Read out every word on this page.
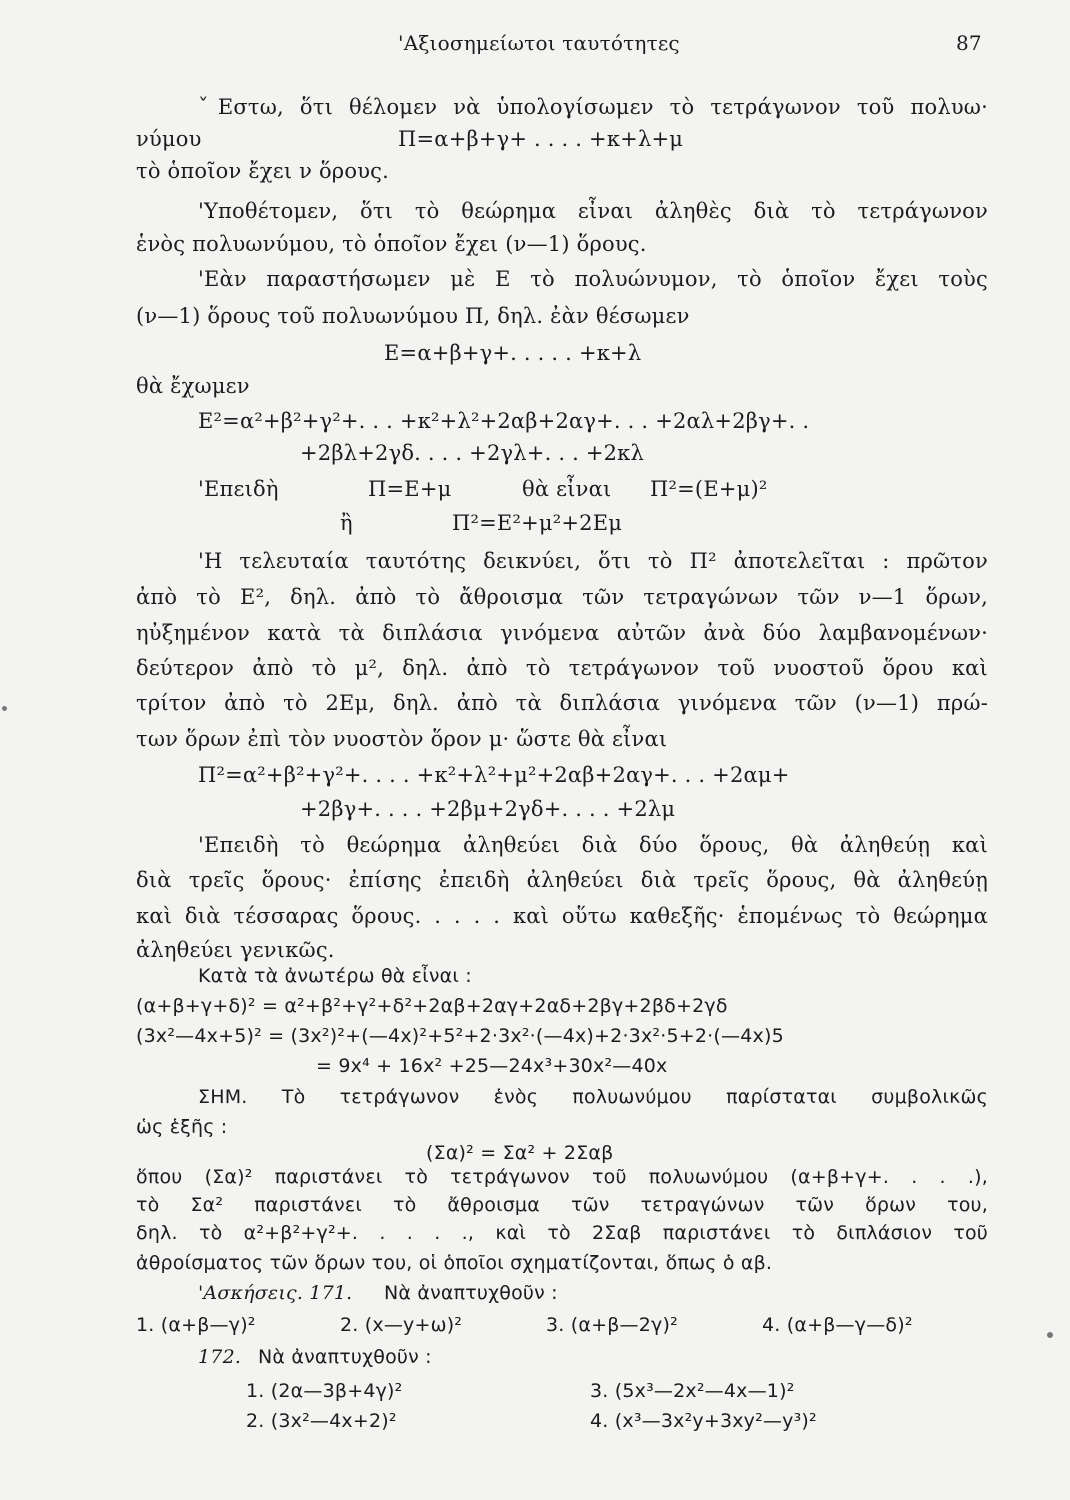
'Αξιοσημείωτοι ταυτότητες	87
ˇΕστω, ὅτι θέλομεν νὰ ὑπολογίσωμεν τὸ τετράγωνον τοῦ πολυω·
νύμου	Π=α+β+γ+ . . . . +κ+λ+μ
τὸ ὁποῖον ἔχει ν ὅρους.
'Υποθέτομεν, ὅτι τὸ θεώρημα εἶναι ἀληθὲς διὰ τὸ τετράγωνον
ἑνὸς πολυωνύμου, τὸ ὁποῖον ἔχει (ν—1) ὅρους.
'Εὰν παραστήσωμεν μὲ Ε τὸ πολυώνυμον, τὸ ὁποῖον ἔχει τοὺς
(ν—1) ὅρους τοῦ πολυωνύμου Π, δηλ. ἐὰν θέσωμεν
Ε=α+β+γ+. . . . . +κ+λ
θὰ ἔχωμεν
Ε²=α²+β²+γ²+. . . +κ²+λ²+2αβ+2αγ+. . . +2αλ+2βγ+. .
+2βλ+2γδ. . . . +2γλ+. . . +2κλ
'Επειδὴ	Π=Ε+μ	θὰ εἶναι Π²=(Ε+μ)²
ἢ	Π²=Ε²+μ²+2Εμ
'Η τελευταία ταυτότης δεικνύει, ὅτι τὸ Π² ἀποτελεῖται : πρῶτον
ἀπὸ τὸ Ε², δηλ. ἀπὸ τὸ ἄθροισμα τῶν τετραγώνων τῶν ν—1 ὅρων,
ηὐξημένον κατὰ τὰ διπλάσια γινόμενα αὐτῶν ἀνὰ δύο λαμβανομένων·
δεύτερον ἀπὸ τὸ μ², δηλ. ἀπὸ τὸ τετράγωνον τοῦ νυοστοῦ ὅρου καὶ
τρίτον ἀπὸ τὸ 2Εμ, δηλ. ἀπὸ τὰ διπλάσια γινόμενα τῶν (ν—1) πρώ-
των ὅρων ἐπὶ τὸν νυοστὸν ὅρον μ· ὥστε θὰ εἶναι
Π²=α²+β²+γ²+. . . . +κ²+λ²+μ²+2αβ+2αγ+. . . +2αμ+
+2βγ+. . . . +2βμ+2γδ+. . . . +2λμ
'Επειδὴ τὸ θεώρημα ἀληθεύει διὰ δύο ὅρους, θὰ ἀληθεύῃ καὶ
διὰ τρεῖς ὅρους· ἐπίσης ἐπειδὴ ἀληθεύει διὰ τρεῖς ὅρους, θὰ ἀληθεύῃ
καὶ διὰ τέσσαρας ὅρους. . . . . καὶ οὕτω καθεξῆς· ἑπομένως τὸ θεώρημα
ἀληθεύει γενικῶς.
Κατὰ τὰ ἀνωτέρω θὰ εἶναι :
(α+β+γ+δ)² = α²+β²+γ²+δ²+2αβ+2αγ+2αδ+2βγ+2βδ+2γδ
(3x²—4x+5)² = (3x²)²+(—4x)²+5²+2·3x²·(—4x)+2·3x²·5+2·(—4x)5
= 9x⁴ + 16x² +25—24x³+30x²—40x
ΣΗΜ. Τὸ τετράγωνον ἑνὸς πολυωνύμου παρίσταται συμβολικῶς
ὡς ἑξῆς :
(Σα)² = Σα² + 2Σαβ
ὅπου (Σα)² παριστάνει τὸ τετράγωνον τοῦ πολυωνύμου (α+β+γ+. . . .),
τὸ Σα² παριστάνει τὸ ἄθροισμα τῶν τετραγώνων τῶν ὅρων του,
δηλ. τὸ α²+β²+γ²+. . . . ., καὶ τὸ 2Σαβ παριστάνει τὸ διπλάσιον τοῦ
ἀθροίσματος τῶν ὅρων του, οἱ ὁποῖοι σχηματίζονται, ὅπως ὁ αβ.
'Ασκήσεις. 171. Νὰ ἀναπτυχθοῦν :
1. (α+β—γ)²	2. (x—y+ω)²	3. (α+β—2γ)²	4. (α+β—γ—δ)²
172. Νὰ ἀναπτυχθοῦν :
1. (2α—3β+4γ)²	3. (5x³—2x²—4x—1)²
2. (3x²—4x+2)²	4. (x³—3x²y+3xy²—y³)²
